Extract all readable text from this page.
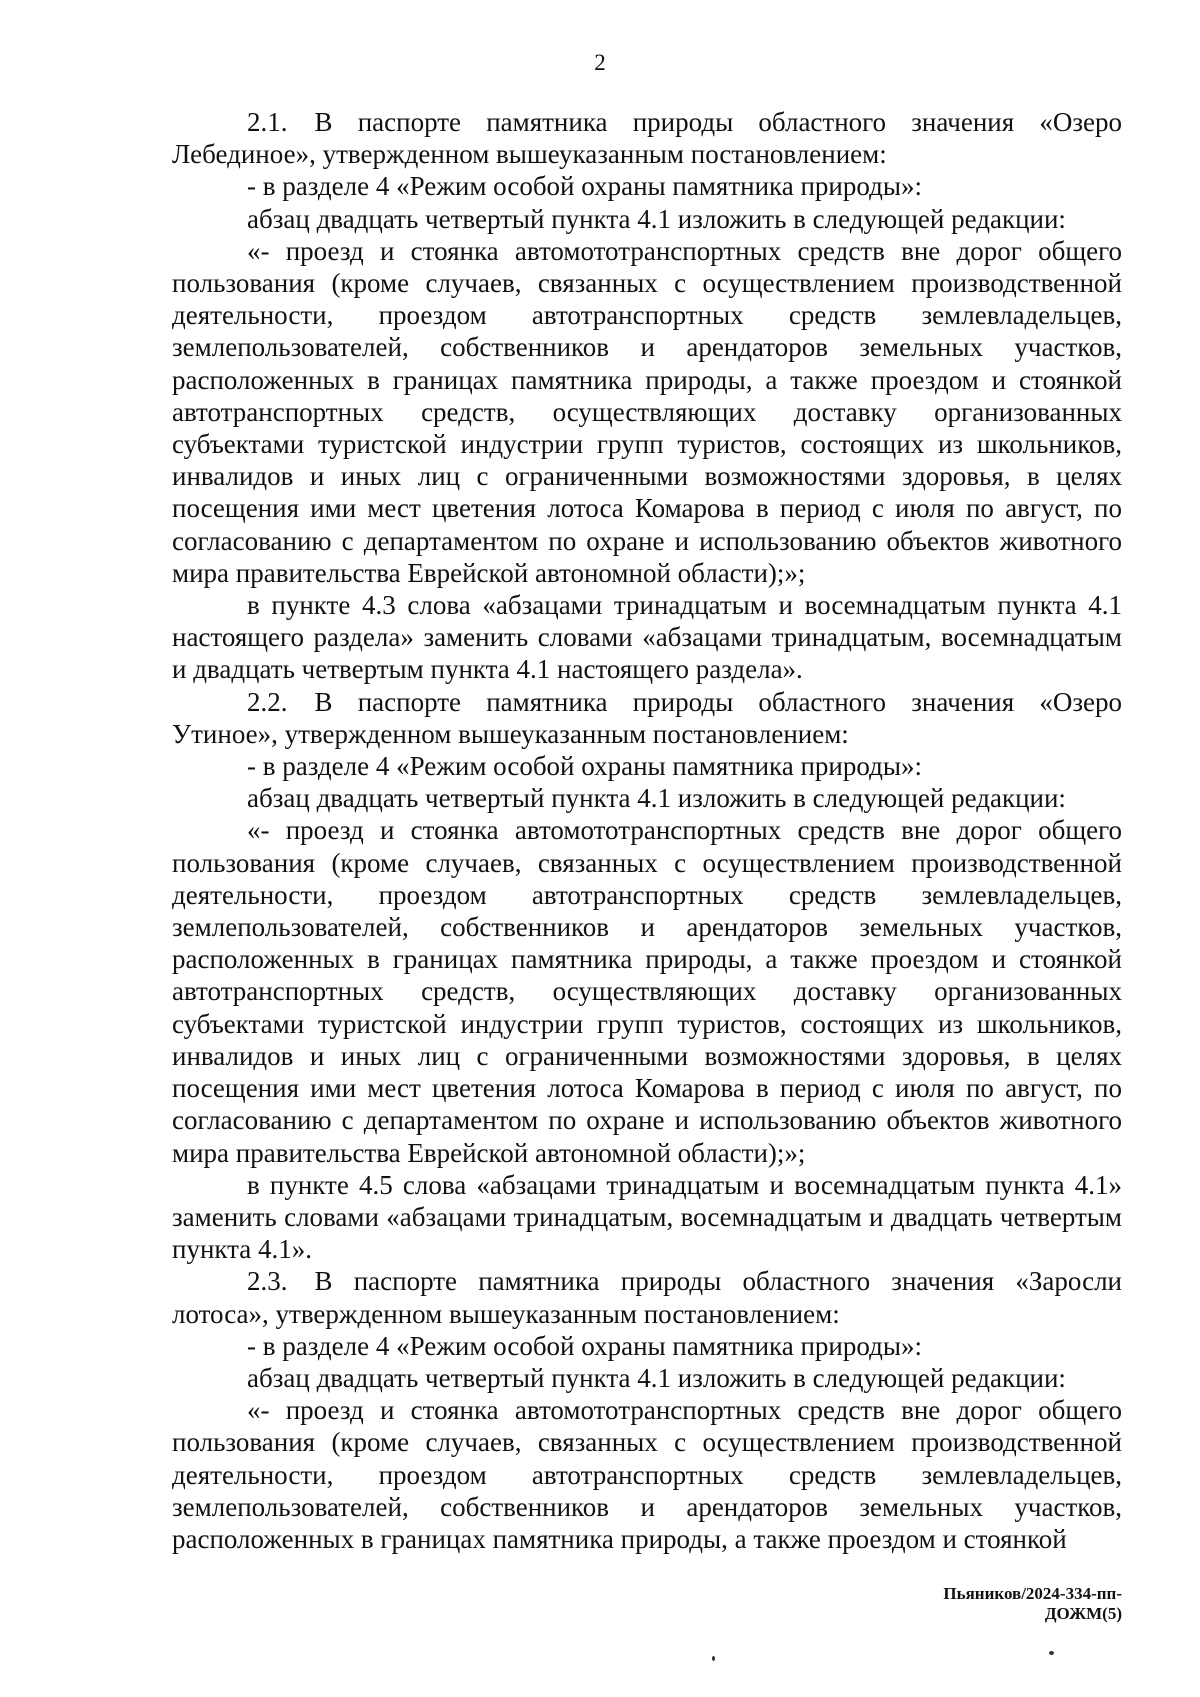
2

2.1. В паспорте памятника природы областного значения «Озеро Лебединое», утвержденном вышеуказанным постановлением:

- в разделе 4 «Режим особой охраны памятника природы»:

абзац двадцать четвертый пункта 4.1 изложить в следующей редакции:

«- проезд и стоянка автомототранспортных средств вне дорог общего пользования (кроме случаев, связанных с осуществлением производственной деятельности, проездом автотранспортных средств землевладельцев, землепользователей, собственников и арендаторов земельных участков, расположенных в границах памятника природы, а также проездом и стоянкой автотранспортных средств, осуществляющих доставку организованных субъектами туристской индустрии групп туристов, состоящих из школьников, инвалидов и иных лиц с ограниченными возможностями здоровья, в целях посещения ими мест цветения лотоса Комарова в период с июля по август, по согласованию с департаментом по охране и использованию объектов животного мира правительства Еврейской автономной области);»;

в пункте 4.3 слова «абзацами тринадцатым и восемнадцатым пункта 4.1 настоящего раздела» заменить словами «абзацами тринадцатым, восемнадцатым и двадцать четвертым пункта 4.1 настоящего раздела».

2.2. В паспорте памятника природы областного значения «Озеро Утиное», утвержденном вышеуказанным постановлением:

- в разделе 4 «Режим особой охраны памятника природы»:

абзац двадцать четвертый пункта 4.1 изложить в следующей редакции:

«- проезд и стоянка автомототранспортных средств вне дорог общего пользования (кроме случаев, связанных с осуществлением производственной деятельности, проездом автотранспортных средств землевладельцев, землепользователей, собственников и арендаторов земельных участков, расположенных в границах памятника природы, а также проездом и стоянкой автотранспортных средств, осуществляющих доставку организованных субъектами туристской индустрии групп туристов, состоящих из школьников, инвалидов и иных лиц с ограниченными возможностями здоровья, в целях посещения ими мест цветения лотоса Комарова в период с июля по август, по согласованию с департаментом по охране и использованию объектов животного мира правительства Еврейской автономной области);»;

в пункте 4.5 слова «абзацами тринадцатым и восемнадцатым пункта 4.1» заменить словами «абзацами тринадцатым, восемнадцатым и двадцать четвертым пункта 4.1».

2.3. В паспорте памятника природы областного значения «Заросли лотоса», утвержденном вышеуказанным постановлением:

- в разделе 4 «Режим особой охраны памятника природы»:

абзац двадцать четвертый пункта 4.1 изложить в следующей редакции:

«- проезд и стоянка автомототранспортных средств вне дорог общего пользования (кроме случаев, связанных с осуществлением производственной деятельности, проездом автотранспортных средств землевладельцев, землепользователей, собственников и арендаторов земельных участков, расположенных в границах памятника природы, а также проездом и стоянкой

Пьяников/2024-334-пп-ДОЖМ(5)
